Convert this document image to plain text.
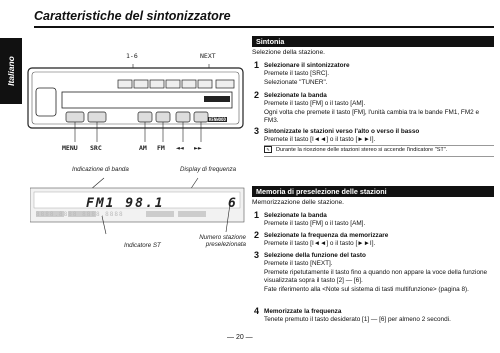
Italiano
Caratteristiche del sintonizzatore
1-6	NEXT
MENU SRC	AM FM ◄◄ ►►
KENWOOD
Indicazione di banda	Display di frequenza
FM1 98.1	6
8888.8888 8888.8888
Indicatore ST
Numero stazione preselezionata
Sintonia
Selezione della stazione.
1 Selezionare il sintonizzatore
Premete il tasto [SRC].
Selezionate "TUNER".
2 Selezionate la banda
Premete il tasto [FM] o il tasto [AM].
Ogni volta che premete il tasto [FM], l'unità cambia tra le bande FM1, FM2 e FM3.
3 Sintonizzate le stazioni verso l'alto o verso il basso
Premete il tasto [I◄◄] o il tasto [►►I].
✎	Durante la ricezione delle stazioni stereo si accende l'indicatore "ST".
Memoria di preselezione delle stazioni
Memorizzazione delle stazione.
1 Selezionate la banda
Premete il tasto [FM] o il tasto [AM].
2 Selezionate la frequenza da memorizzare
Premete il tasto [I◄◄] o il tasto [►►I].
3 Selezione della funzione del tasto
Premete il tasto [NEXT].
Premete ripetutamente il tasto fino a quando non appare la voce della funzione visualizzata sopra il tasto [2] — [6].
Fate riferimento alla <Note sul sistema di tasti multifunzione> (pagina 8).
4 Memorizzate la frequenza
Tenete premuto il tasto desiderato [1] — [6] per almeno 2 secondi.
— 20 —
